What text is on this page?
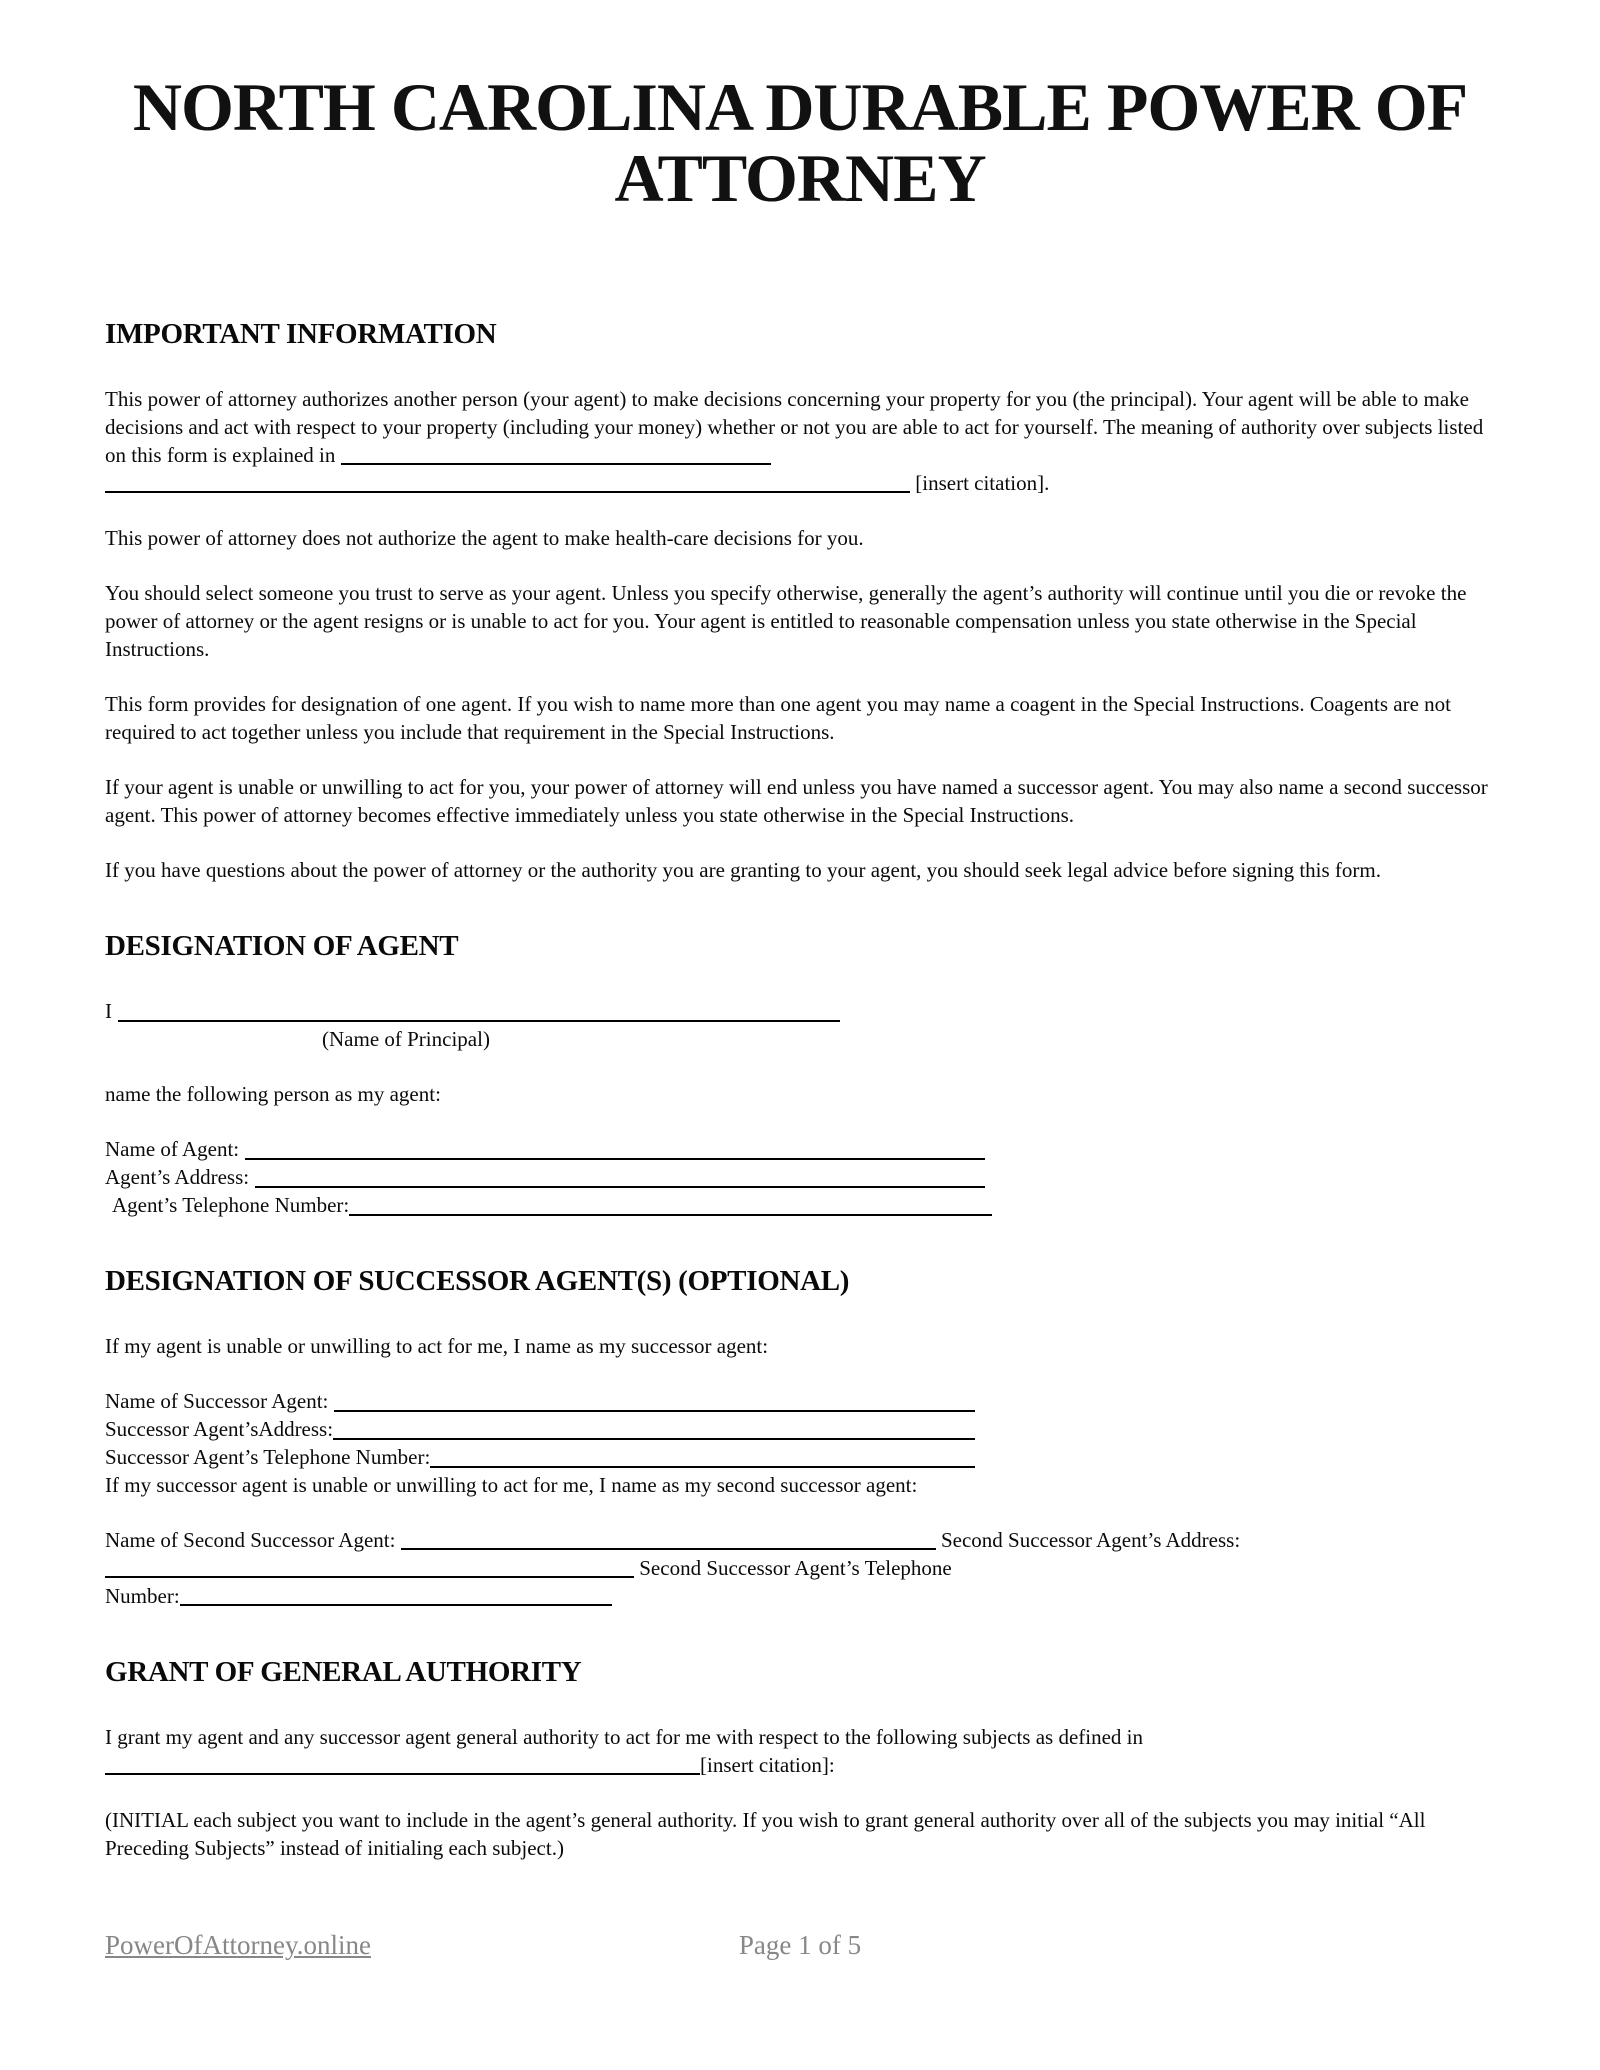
NORTH CAROLINA DURABLE POWER OF ATTORNEY
IMPORTANT INFORMATION

This power of attorney authorizes another person (your agent) to make decisions concerning your property for you (the principal). Your agent will be able to make decisions and act with respect to your property (including your money) whether or not you are able to act for yourself. The meaning of authority over subjects listed on this form is explained in
[insert citation].

This power of attorney does not authorize the agent to make health-care decisions for you.

You should select someone you trust to serve as your agent. Unless you specify otherwise, generally the agent’s authority will continue until you die or revoke the power of attorney or the agent resigns or is unable to act for you. Your agent is entitled to reasonable compensation unless you state otherwise in the Special Instructions.

This form provides for designation of one agent. If you wish to name more than one agent you may name a coagent in the Special Instructions. Coagents are not required to act together unless you include that requirement in the Special Instructions.

If your agent is unable or unwilling to act for you, your power of attorney will end unless you have named a successor agent. You may also name a second successor agent. This power of attorney becomes effective immediately unless you state otherwise in the Special Instructions.

If you have questions about the power of attorney or the authority you are granting to your agent, you should seek legal advice before signing this form.

DESIGNATION OF AGENT
I
(Name of Principal)

name the following person as my agent:

Name of Agent:
Agent’s Address:
Agent’s Telephone Number:
DESIGNATION OF SUCCESSOR AGENT(S) (OPTIONAL)
If my agent is unable or unwilling to act for me, I name as my successor agent:
Name of Successor Agent:
Successor Agent’sAddress:
Successor Agent’s Telephone Number:
If my successor agent is unable or unwilling to act for me, I name as my second successor agent:

Name of Second Successor Agent:	Second Successor Agent’s Address:
Second Successor Agent’s Telephone
Number:

GRANT OF GENERAL AUTHORITY

I grant my agent and any successor agent general authority to act for me with respect to the following subjects as defined in
[insert citation]:

(INITIAL each subject you want to include in the agent’s general authority. If you wish to grant general authority over all of the subjects you may initial “All Preceding Subjects” instead of initialing each subject.)

PowerOfAttorney.online	Page 1 of 5
